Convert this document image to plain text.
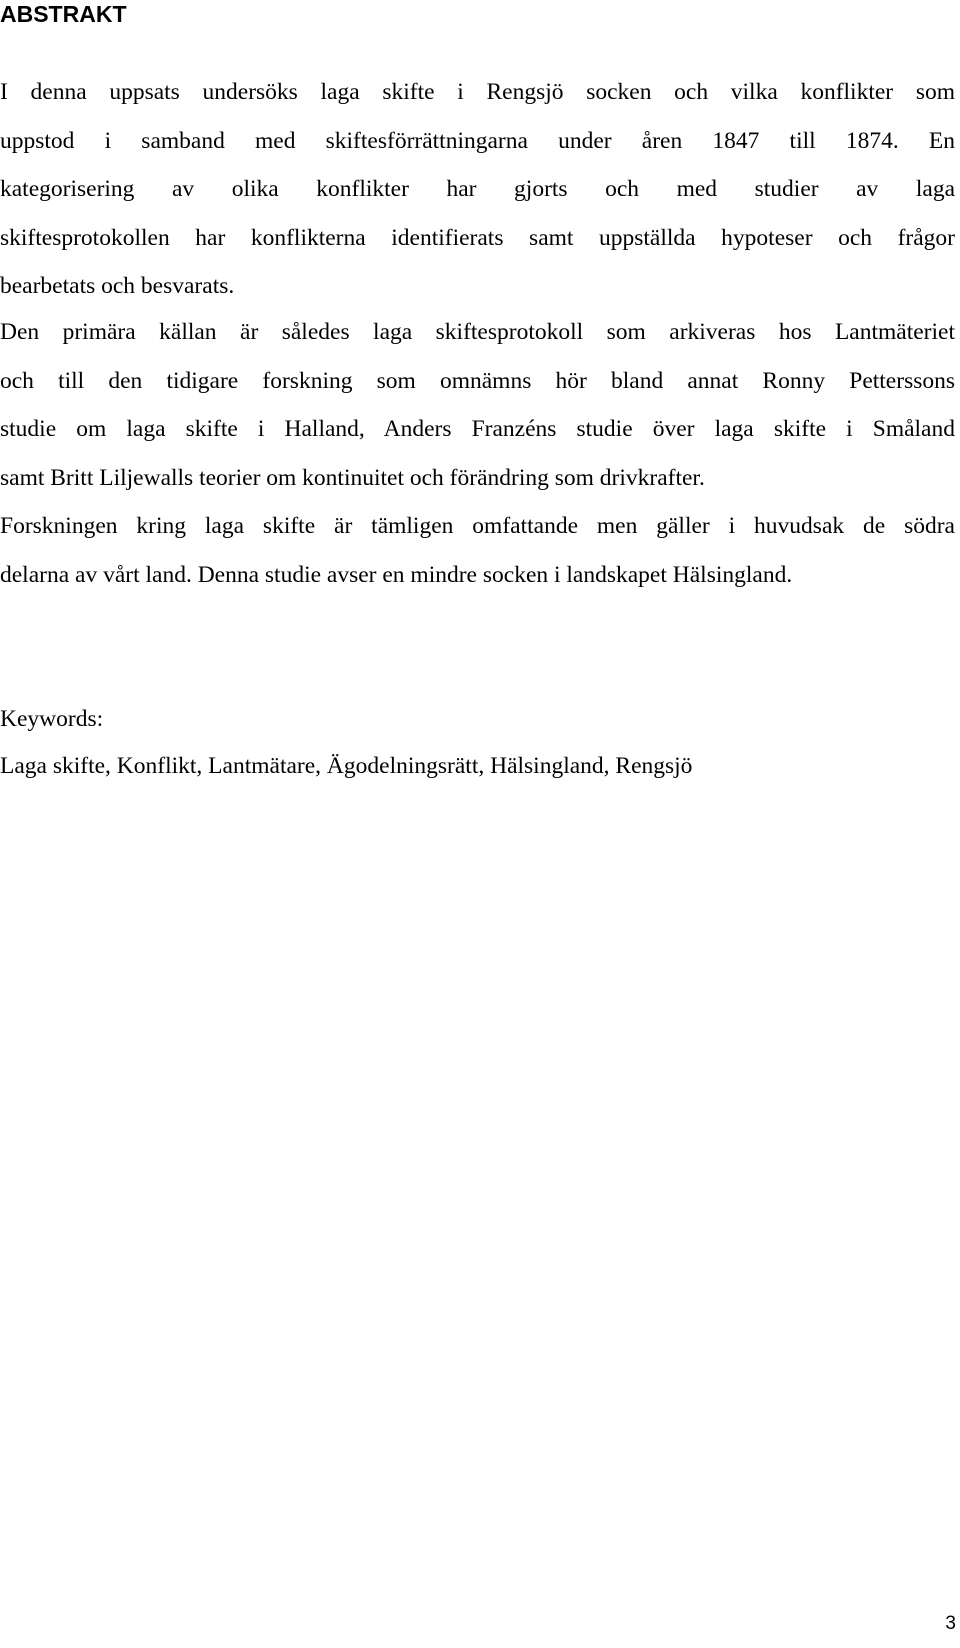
ABSTRAKT
I denna uppsats undersöks laga skifte i Rengsjö socken och vilka konflikter som
uppstod i samband med skiftesförrättningarna under åren 1847 till 1874. En
kategorisering av olika konflikter har gjorts och med studier av laga
skiftesprotokollen har konflikterna identifierats samt uppställda hypoteser och frågor
bearbetats och besvarats.
Den primära källan är således laga skiftesprotokoll som arkiveras hos Lantmäteriet
och till den tidigare forskning som omnämns hör bland annat Ronny Petterssons
studie om laga skifte i Halland, Anders Franzéns studie över laga skifte i Småland
samt Britt Liljewalls teorier om kontinuitet och förändring som drivkrafter.
Forskningen kring laga skifte är tämligen omfattande men gäller i huvudsak de södra
delarna av vårt land. Denna studie avser en mindre socken i landskapet Hälsingland.

Keywords:

Laga skifte, Konflikt, Lantmätare, Ägodelningsrätt, Hälsingland, Rengsjö

3
